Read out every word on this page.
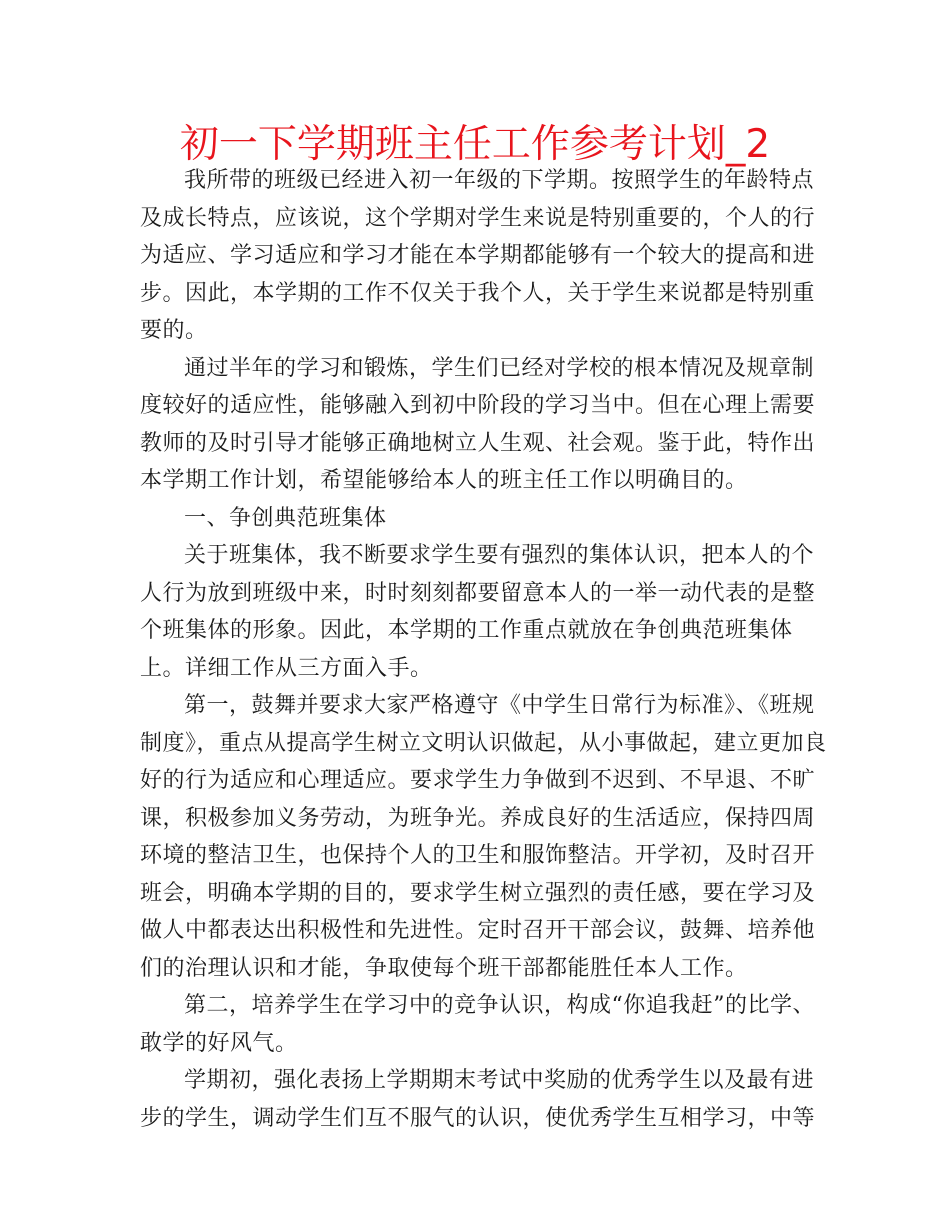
初一下学期班主任工作参考计划_2

我所带的班级已经进入初一年级的下学期。按照学生的年龄特点及成长特点，应该说，这个学期对学生来说是特别重要的，个人的行为适应、学习适应和学习才能在本学期都能够有一个较大的提高和进步。因此，本学期的工作不仅关于我个人，关于学生来说都是特别重要的。

通过半年的学习和锻炼，学生们已经对学校的根本情况及规章制度较好的适应性，能够融入到初中阶段的学习当中。但在心理上需要教师的及时引导才能够正确地树立人生观、社会观。鉴于此，特作出本学期工作计划，希望能够给本人的班主任工作以明确目的。

一、争创典范班集体

关于班集体，我不断要求学生要有强烈的集体认识，把本人的个人行为放到班级中来，时时刻刻都要留意本人的一举一动代表的是整个班集体的形象。因此，本学期的工作重点就放在争创典范班集体上。详细工作从三方面入手。

第一，鼓舞并要求大家严格遵守《中学生日常行为标准》、《班规制度》，重点从提高学生树立文明认识做起，从小事做起，建立更加良好的行为适应和心理适应。要求学生力争做到不迟到、不早退、不旷课，积极参加义务劳动，为班争光。养成良好的生活适应，保持四周环境的整洁卫生，也保持个人的卫生和服饰整洁。开学初，及时召开班会，明确本学期的目的，要求学生树立强烈的责任感，要在学习及做人中都表达出积极性和先进性。定时召开干部会议，鼓舞、培养他们的治理认识和才能，争取使每个班干部都能胜任本人工作。

第二，培养学生在学习中的竞争认识，构成“你追我赶”的比学、敢学的好风气。

学期初，强化表扬上学期期末考试中奖励的优秀学生以及最有进步的学生，调动学生们互不服气的认识，使优秀学生互相学习，中等
